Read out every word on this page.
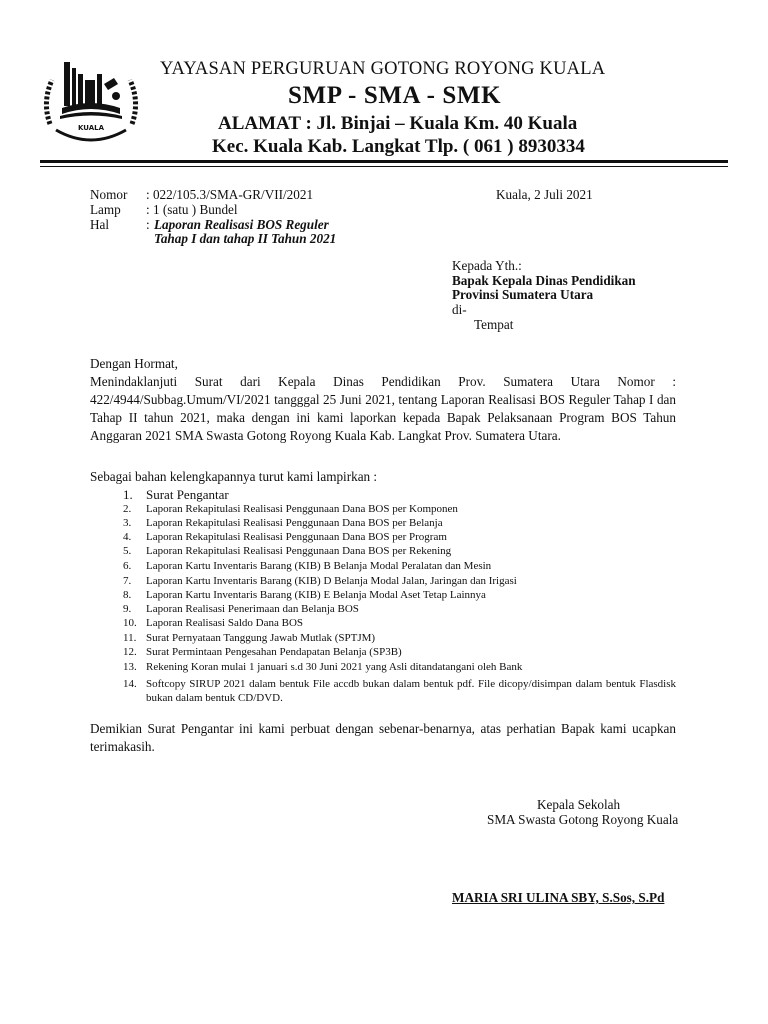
KUALA
YAYASAN PERGURUAN GOTONG ROYONG KUALA
SMP - SMA - SMK
ALAMAT : Jl. Binjai – Kuala Km. 40 Kuala
Kec. Kuala Kab. Langkat Tlp. ( 061 ) 8930334
Nomor : 022/105.3/SMA-GR/VII/2021	Kuala, 2 Juli 2021
Lamp : 1 (satu ) Bundel
Hal	: Laporan Realisasi BOS Reguler
Tahap I dan tahap II Tahun 2021
Kepada Yth.:
Bapak Kepala Dinas Pendidikan
Provinsi Sumatera Utara
di-
Tempat
Dengan Hormat,
Menindaklanjuti Surat dari Kepala Dinas Pendidikan Prov. Sumatera Utara Nomor : 422/4944/Subbag.Umum/VI/2021 tangggal 25 Juni 2021, tentang Laporan Realisasi BOS Reguler Tahap I dan Tahap II tahun 2021, maka dengan ini kami laporkan kepada Bapak Pelaksanaan Program BOS Tahun Anggaran 2021 SMA Swasta Gotong Royong Kuala Kab. Langkat Prov. Sumatera Utara.
Sebagai bahan kelengkapannya turut kami lampirkan :
1. Surat Pengantar
2. Laporan Rekapitulasi Realisasi Penggunaan Dana BOS per Komponen
3. Laporan Rekapitulasi Realisasi Penggunaan Dana BOS per Belanja
4. Laporan Rekapitulasi Realisasi Penggunaan Dana BOS per Program
5. Laporan Rekapitulasi Realisasi Penggunaan Dana BOS per Rekening
6. Laporan Kartu Inventaris Barang (KIB) B Belanja Modal Peralatan dan Mesin
7. Laporan Kartu Inventaris Barang (KIB) D Belanja Modal Jalan, Jaringan dan Irigasi
8. Laporan Kartu Inventaris Barang (KIB) E Belanja Modal Aset Tetap Lainnya
9. Laporan Realisasi Penerimaan dan Belanja BOS
10. Laporan Realisasi Saldo Dana BOS
11. Surat Pernyataan Tanggung Jawab Mutlak (SPTJM)
12. Surat Permintaan Pengesahan Pendapatan Belanja (SP3B)
13. Rekening Koran mulai 1 januari s.d 30 Juni 2021 yang Asli ditandatangani oleh Bank
14. Softcopy SIRUP 2021 dalam bentuk File accdb bukan dalam bentuk pdf. File dicopy/disimpan dalam bentuk Flasdisk bukan dalam bentuk CD/DVD.
Demikian Surat Pengantar ini kami perbuat dengan sebenar-benarnya, atas perhatian Bapak kami ucapkan terimakasih.
Kepala Sekolah
SMA Swasta Gotong Royong Kuala
MARIA SRI ULINA SBY, S.Sos, S.Pd
